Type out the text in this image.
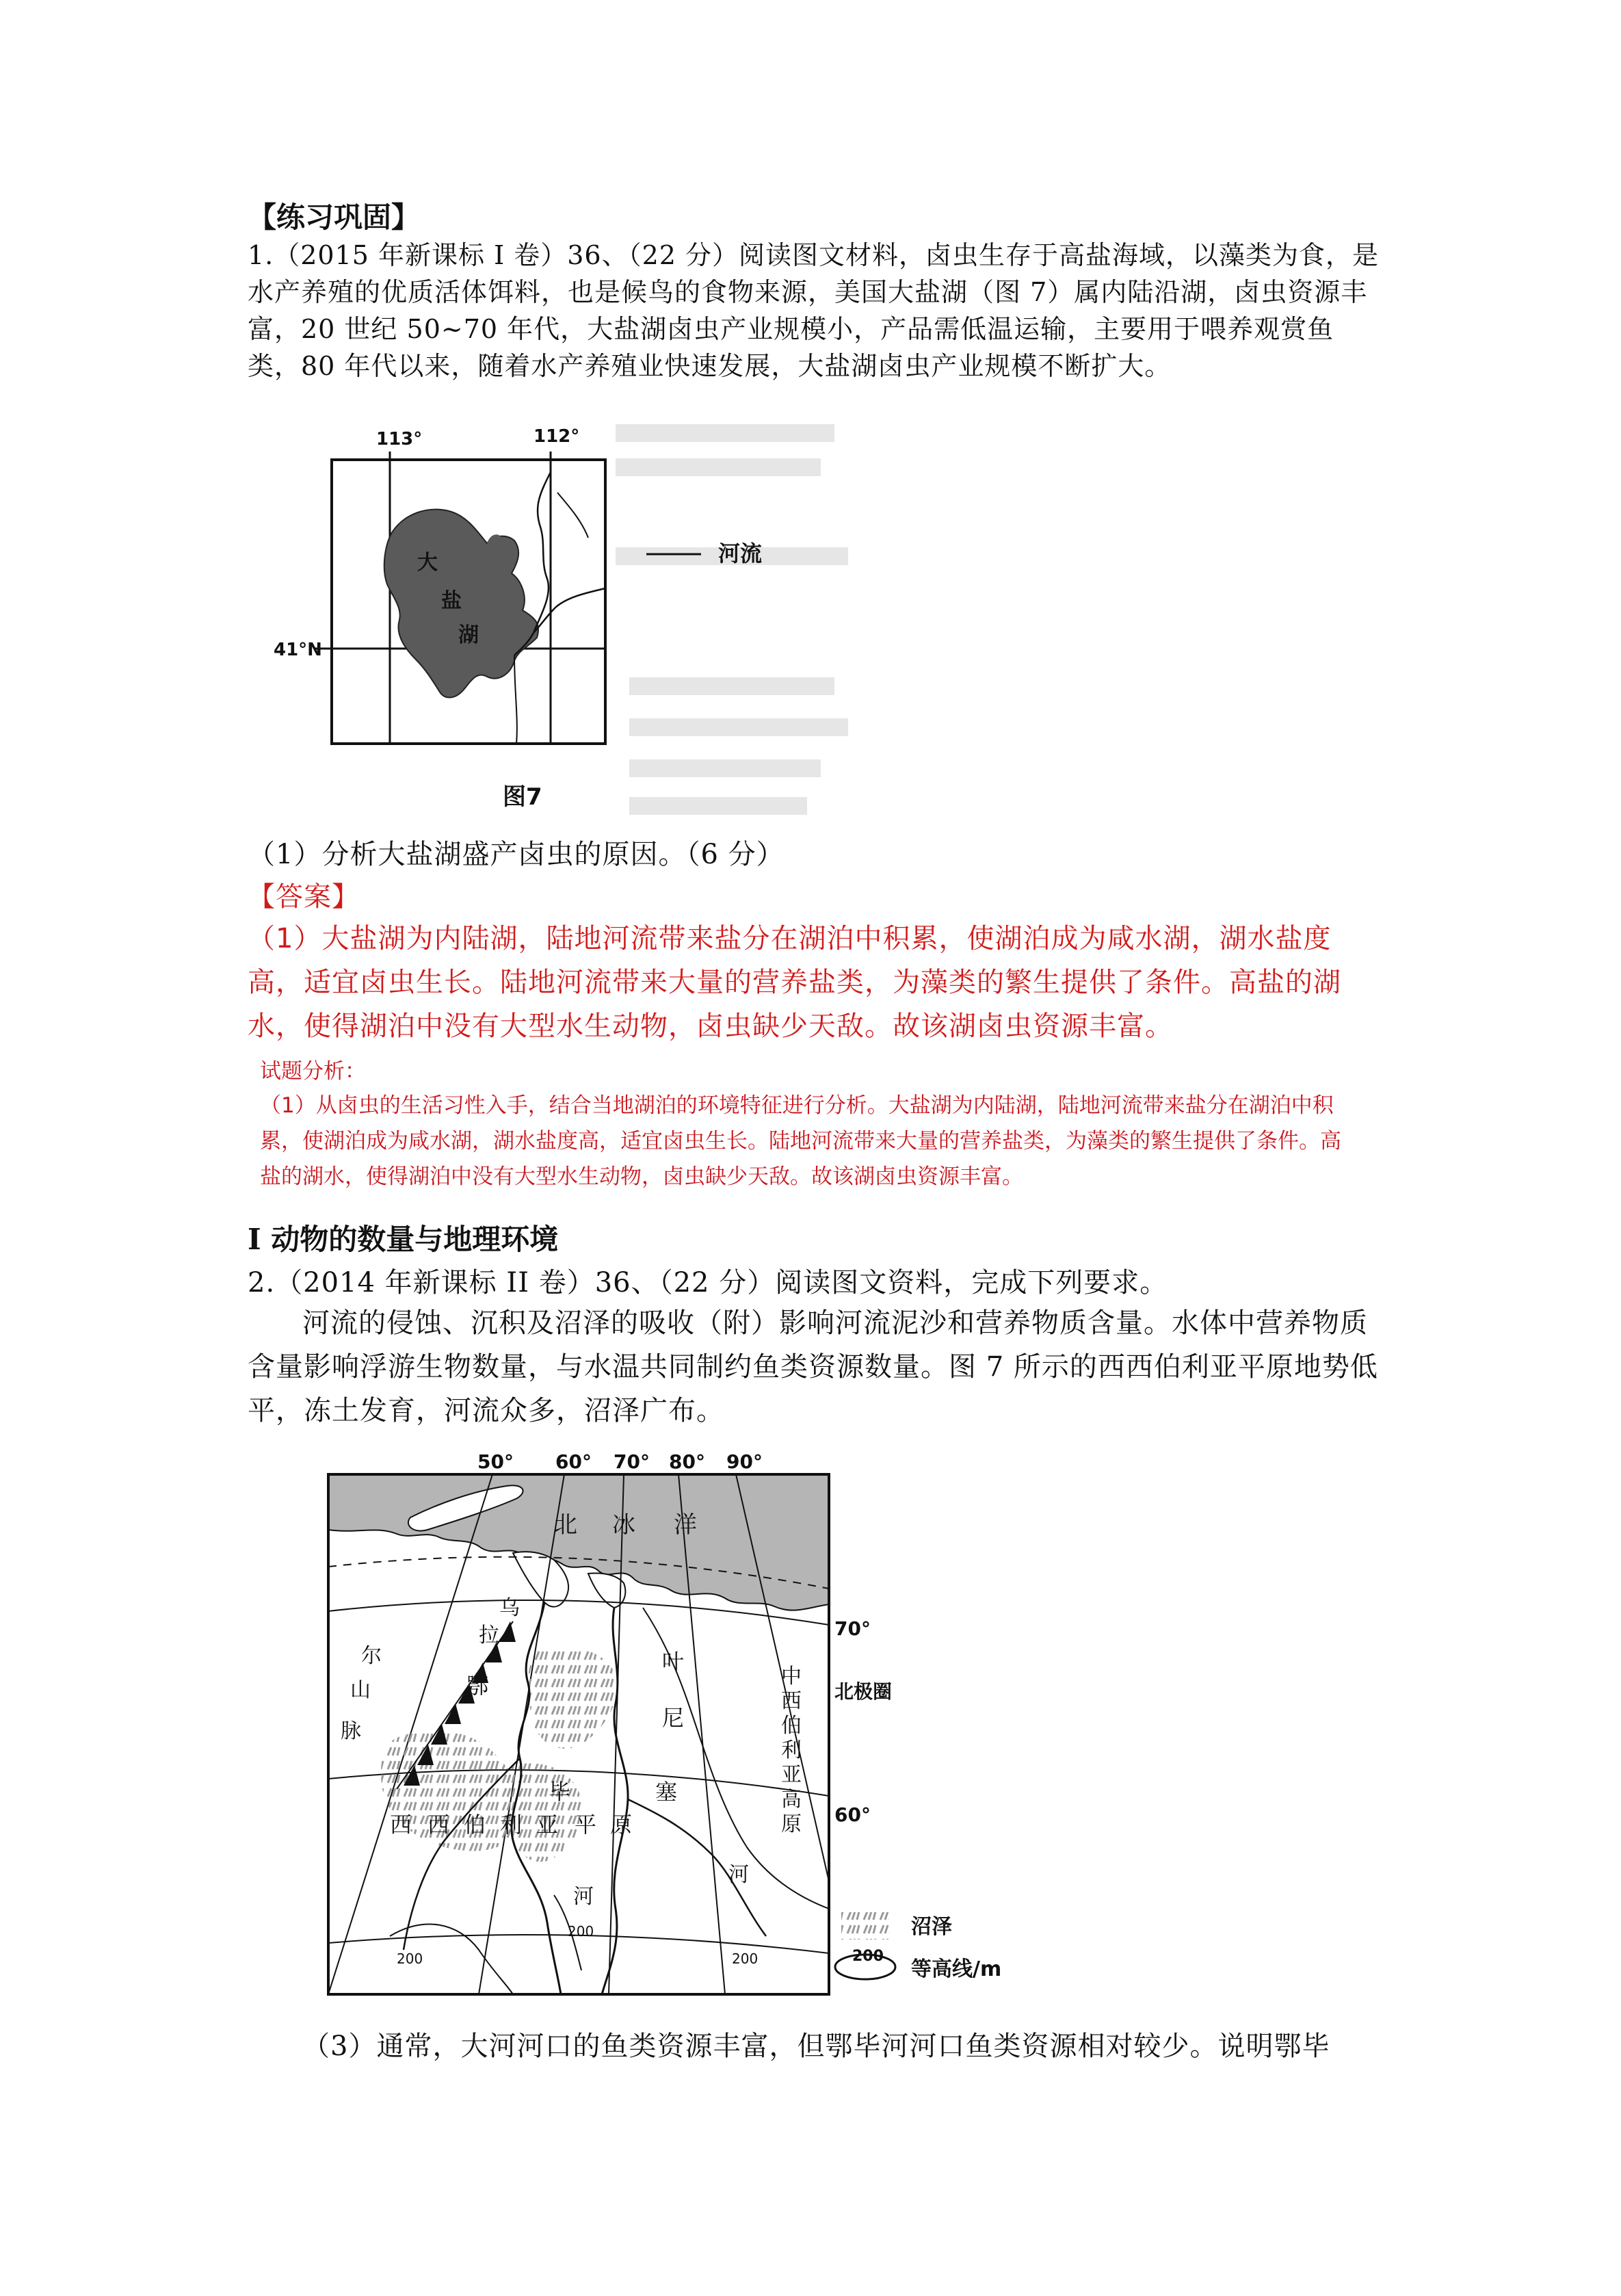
【练习巩固】

1.（2015 年新课标 I 卷）36、（22 分）阅读图文材料，卤虫生存于高盐海域，以藻类为食，是水产养殖的优质活体饵料，也是候鸟的食物来源，美国大盐湖（图 7）属内陆沿湖，卤虫资源丰富，20 世纪 50~70 年代，大盐湖卤虫产业规模小，产品需低温运输，主要用于喂养观赏鱼类，80 年代以来，随着水产养殖业快速发展，大盐湖卤虫产业规模不断扩大。

113°	112°
41°N
大
盐
湖
河流
图7

（1）分析大盐湖盛产卤虫的原因。（6 分）

【答案】

（1）大盐湖为内陆湖，陆地河流带来盐分在湖泊中积累，使湖泊成为咸水湖，湖水盐度高，适宜卤虫生长。陆地河流带来大量的营养盐类，为藻类的繁生提供了条件。高盐的湖水，使得湖泊中没有大型水生动物，卤虫缺少天敌。故该湖卤虫资源丰富。

试题分析：

（1）从卤虫的生活习性入手，结合当地湖泊的环境特征进行分析。大盐湖为内陆湖，陆地河流带来盐分在湖泊中积累，使湖泊成为咸水湖，湖水盐度高，适宜卤虫生长。陆地河流带来大量的营养盐类，为藻类的繁生提供了条件。高盐的湖水，使得湖泊中没有大型水生动物，卤虫缺少天敌。故该湖卤虫资源丰富。

I 动物的数量与地理环境

2.（2014 年新课标 II 卷）36、（22 分）阅读图文资料，完成下列要求。

河流的侵蚀、沉积及沼泽的吸收（附）影响河流泥沙和营养物质含量。水体中营养物质含量影响浮游生物数量，与水温共同制约鱼类资源数量。图 7 所示的西西伯利亚平原地势低平，冻土发育，河流众多，沼泽广布。

50° 60° 70° 80° 90°
北 冰 洋
乌
拉
尔
山
脉
鄂
毕
叶
尼
塞
河
河
西 西 伯 利 亚 平 原
中
西
伯
利
亚
高
原
200
200
200
70°
北极圈
60°
沼泽
200
等高线/m

（3）通常，大河河口的鱼类资源丰富，但鄂毕河河口鱼类资源相对较少。说明鄂毕
